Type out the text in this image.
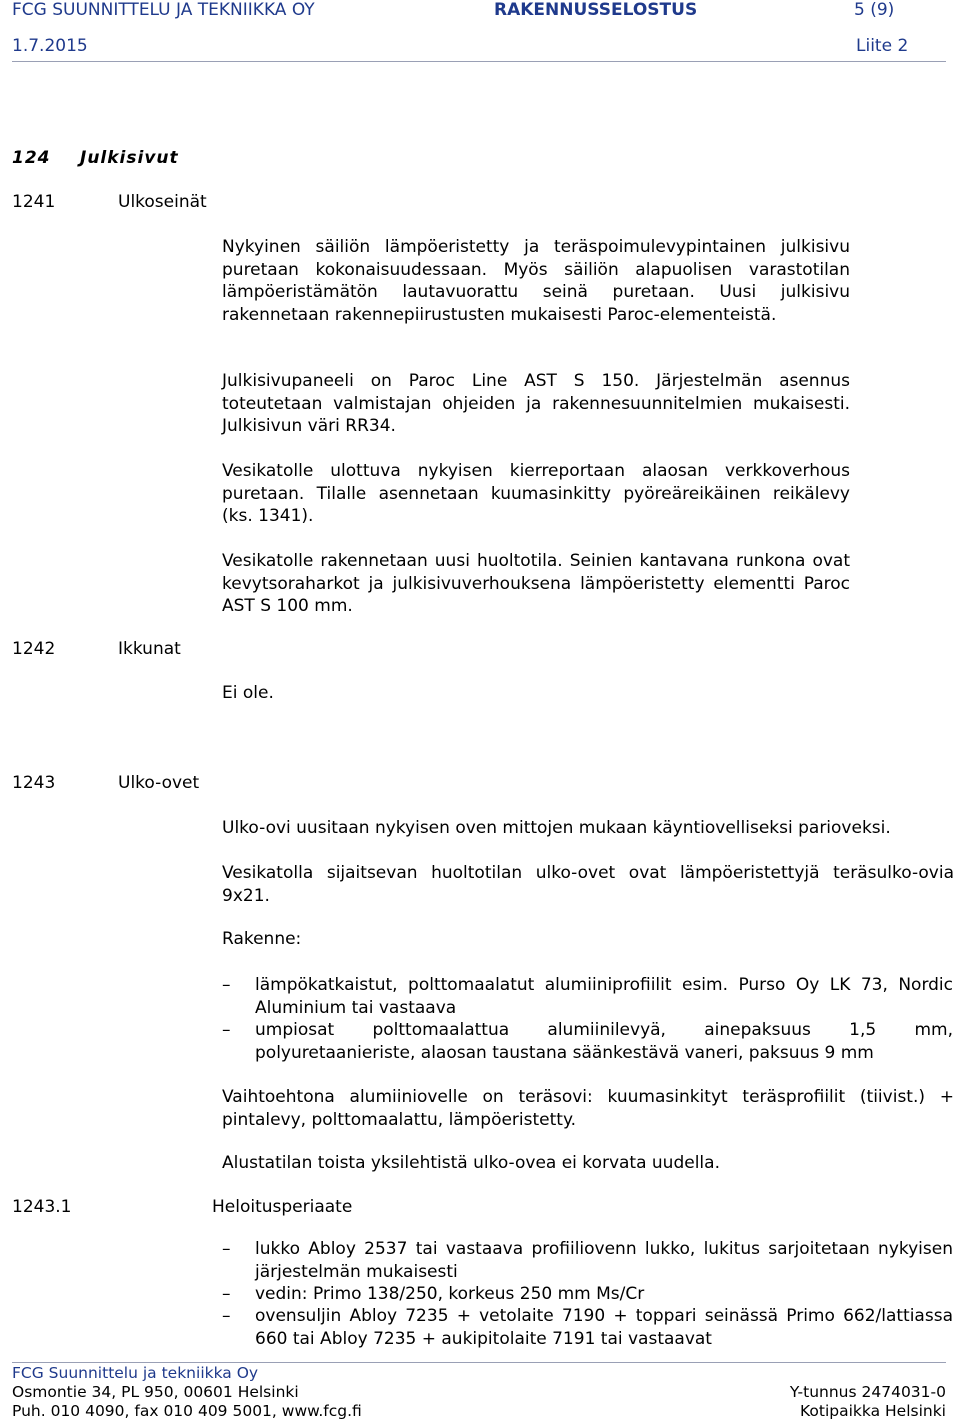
FCG SUUNNITTELU JA TEKNIIKKA OY	RAKENNUSSELOSTUS	5 (9)
1.7.2015	Liite 2
124 Julkisivut
1241	Ulkoseinät
Nykyinen säiliön lämpöeristetty ja teräspoimulevypintainen julkisivu puretaan kokonaisuudessaan. Myös säiliön alapuolisen varastotilan lämpöeristämätön lautavuorattu seinä puretaan. Uusi julkisivu rakennetaan rakennepiirustusten mukaisesti Paroc-elementeistä.
Julkisivupaneeli on Paroc Line AST S 150. Järjestelmän asennus toteutetaan valmistajan ohjeiden ja rakennesuunnitelmien mukaisesti. Julkisivun väri RR34.
Vesikatolle ulottuva nykyisen kierreportaan alaosan verkkoverhous puretaan. Tilalle asennetaan kuumasinkitty pyöreäreikäinen reikälevy (ks. 1341).
Vesikatolle rakennetaan uusi huoltotila. Seinien kantavana runkona ovat kevytsoraharkot ja julkisivuverhouksena lämpöeristetty elementti Paroc AST S 100 mm.
1242	Ikkunat
Ei ole.
1243	Ulko-ovet
Ulko-ovi uusitaan nykyisen oven mittojen mukaan käyntiovelliseksi parioveksi.
Vesikatolla sijaitsevan huoltotilan ulko-ovet ovat lämpöeristettyjä teräsulko-ovia 9x21.
Rakenne:
– lämpökatkaistut, polttomaalatut alumiiniprofiilit esim. Purso Oy LK 73, Nordic Aluminium tai vastaava
– umpiosat polttomaalattua alumiinilevyä, ainepaksuus 1,5 mm, polyuretaanieriste, alaosan taustana säänkestävä vaneri, paksuus 9 mm
Vaihtoehtona alumiiniovelle on teräsovi: kuumasinkityt teräsprofiilit (tiivist.) + pintalevy, polttomaalattu, lämpöeristetty.
Alustatilan toista yksilehtistä ulko-ovea ei korvata uudella.
1243.1	Heloitusperiaate
– lukko Abloy 2537 tai vastaava profiiliovenn lukko, lukitus sarjoitetaan nykyisen järjestelmän mukaisesti
– vedin: Primo 138/250, korkeus 250 mm Ms/Cr
– ovensuljin Abloy 7235 + vetolaite 7190 + toppari seinässä Primo 662/lattiassa 660 tai Abloy 7235 + aukipitolaite 7191 tai vastaavat
FCG Suunnittelu ja tekniikka Oy
Osmontie 34, PL 950, 00601 Helsinki
Puh. 010 4090, fax 010 409 5001, www.fcg.fi
Y-tunnus 2474031-0
Kotipaikka Helsinki
